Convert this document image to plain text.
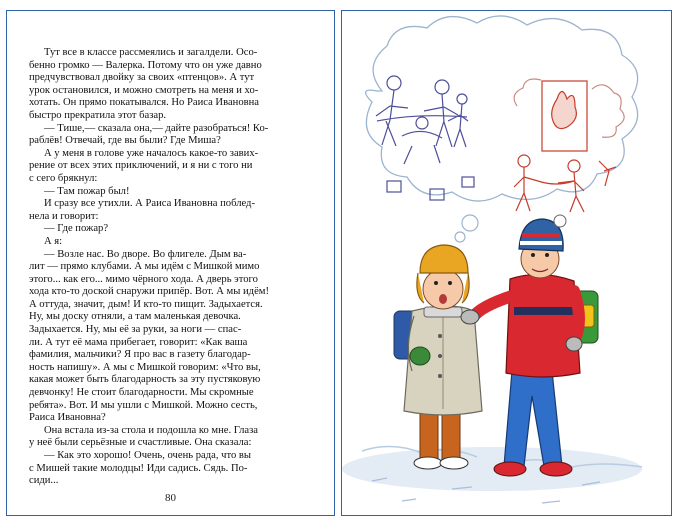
Тут все в классе рассмеялись и загалдели. Осо-
бенно громко — Валерка. Потому что он уже давно
предчувствовал двойку за своих «птенцов». А тут
урок остановился, и можно смотреть на меня и хо-
хотать. Он прямо покатывался. Но Раиса Ивановна
быстро прекратила этот базар.

— Тише,— сказала она,— дайте разобраться! Ко-
раблёв! Отвечай, где вы были? Где Миша?

А у меня в голове уже началось какое-то завих-
рение от всех этих приключений, и я ни с того ни
с сего брякнул:

— Там пожар был!

И сразу все утихли. А Раиса Ивановна поблед-
нела и говорит:

— Где пожар?

А я:

— Возле нас. Во дворе. Во флигеле. Дым ва-
лит — прямо клубами. А мы идём с Мишкой мимо
этого... как его... мимо чёрного хода. А дверь этого
хода кто-то доской снаружи припёр. Вот. А мы идём!
А оттуда, значит, дым! И кто-то пищит. Задыхается.
Ну, мы доску отняли, а там маленькая девочка.
Задыхается. Ну, мы её за руки, за ноги — спас-
ли. А тут её мама прибегает, говорит: «Как ваша
фамилия, мальчики? Я про вас в газету благодар-
ность напишу». А мы с Мишкой говорим: «Что вы,
какая может быть благодарность за эту пустяковую
девчонку! Не стоит благодарности. Мы скромные
ребята». Вот. И мы ушли с Мишкой. Можно сесть,
Раиса Ивановна?

Она встала из-за стола и подошла ко мне. Глаза
у неё были серьёзные и счастливые. Она сказала:

— Как это хорошо! Очень, очень рада, что вы
с Мишей такие молодцы! Иди садись. Сядь. По-
сиди...

80
